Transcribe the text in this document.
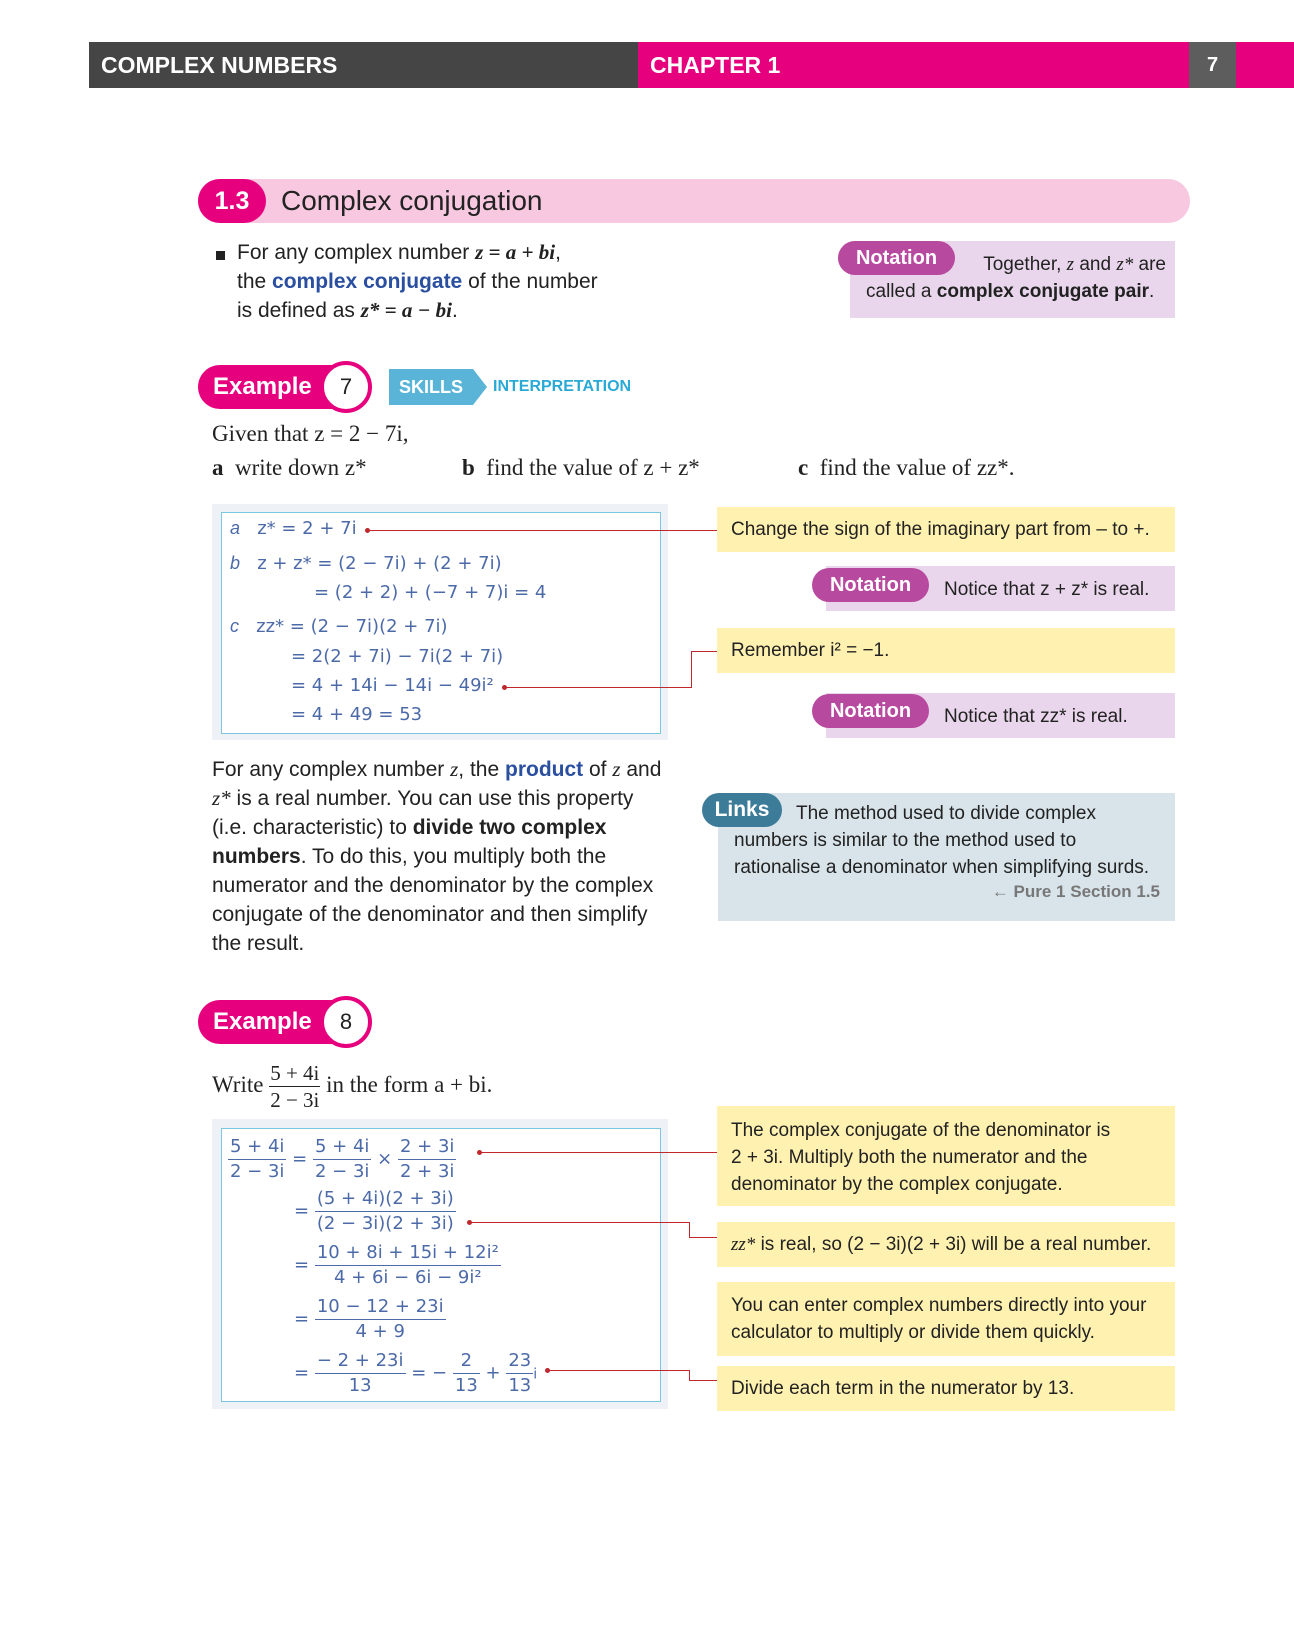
COMPLEX NUMBERS	CHAPTER 1	7
1.3	Complex conjugation
For any complex number z = a + bi,
the complex conjugate of the number
is defined as z* = a − bi.
Notation	Together, z and z* are
called a complex conjugate pair.
Example	7	SKILLS	INTERPRETATION
Given that z = 2 − 7i,
a write down z*	b find the value of z + z*	c find the value of zz*.
a z* = 2 + 7i
b z + z* = (2 − 7i) + (2 + 7i)
= (2 + 2) + (−7 + 7)i = 4
c zz* = (2 − 7i)(2 + 7i)
= 2(2 + 7i) − 7i(2 + 7i)
= 4 + 14i − 14i − 49i²
= 4 + 49 = 53
Change the sign of the imaginary part from – to +.
Notation	Notice that z + z* is real.
Remember i² = −1.
Notation	Notice that zz* is real.
For any complex number z, the product of z and
z* is a real number. You can use this property
(i.e. characteristic) to divide two complex
numbers. To do this, you multiply both the
numerator and the denominator by the complex
conjugate of the denominator and then simplify
the result.
Links	The method used to divide complex
numbers is similar to the method used to
rationalise a denominator when simplifying surds.
← Pure 1 Section 1.5
Example	8
Write $\frac{5 + 4i}{2 - 3i}$ in the form a + bi.
$\frac{5 + 4i}{2 - 3i} = \frac{5 + 4i}{2 - 3i} \times \frac{2 + 3i}{2 + 3i}$
= $\frac{(5 + 4i)(2 + 3i)}{(2 - 3i)(2 + 3i)}$
= $\frac{\text{10 + 8i + 15i + 12i²}}{\text{4 + 6i − 6i − 9i²}}$
= $\frac{10 - 12 + 23i}{4 + 9}$
= $\frac{- 2 + 23i}{13}$ = − $\frac{2}{13} + \frac{23}{13}$ i
The complex conjugate of the denominator is
2 + 3i. Multiply both the numerator and the
denominator by the complex conjugate.
zz* is real, so (2 − 3i)(2 + 3i) will be a real number.
You can enter complex numbers directly into your
calculator to multiply or divide them quickly.
Divide each term in the numerator by 13.
